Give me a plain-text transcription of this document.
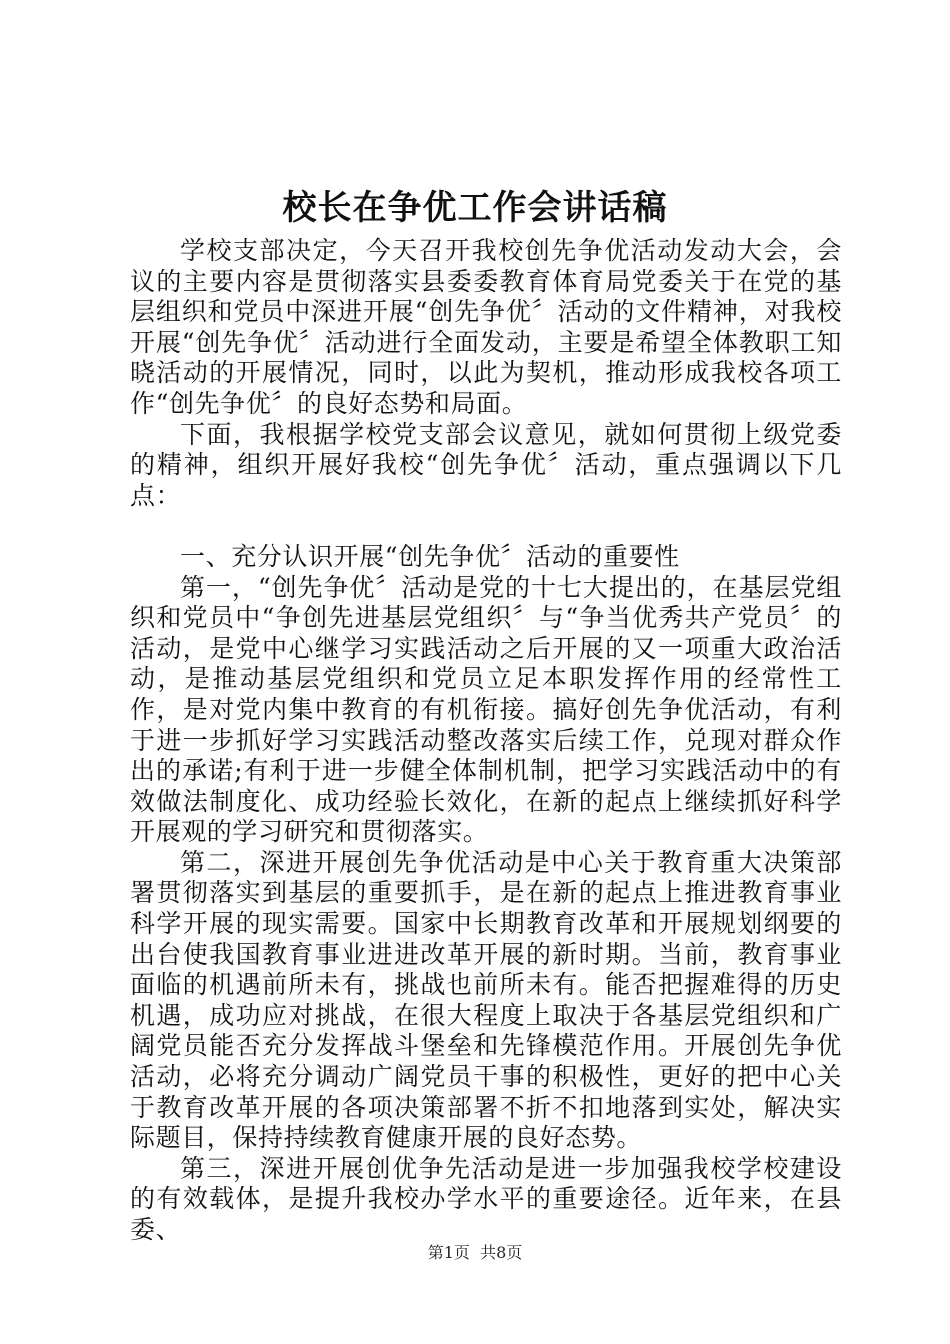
校长在争优工作会讲话稿

学校支部决定，今天召开我校创先争优活动发动大会，会议的主要内容是贯彻落实县委委教育体育局党委关于在党的基层组织和党员中深进开展“创先争优〞活动的文件精神，对我校开展“创先争优〞活动进行全面发动，主要是希望全体教职工知晓活动的开展情况，同时，以此为契机，推动形成我校各项工作“创先争优〞的良好态势和局面。

下面，我根据学校党支部会议意见，就如何贯彻上级党委的精神，组织开展好我校“创先争优〞活动，重点强调以下几点：

一、充分认识开展“创先争优〞活动的重要性

第一，“创先争优〞活动是党的十七大提出的，在基层党组织和党员中“争创先进基层党组织〞与“争当优秀共产党员〞的活动，是党中心继学习实践活动之后开展的又一项重大政治活动，是推动基层党组织和党员立足本职发挥作用的经常性工作，是对党内集中教育的有机衔接。搞好创先争优活动，有利于进一步抓好学习实践活动整改落实后续工作，兑现对群众作出的承诺;有利于进一步健全体制机制，把学习实践活动中的有效做法制度化、成功经验长效化，在新的起点上继续抓好科学开展观的学习研究和贯彻落实。

第二，深进开展创先争优活动是中心关于教育重大决策部署贯彻落实到基层的重要抓手，是在新的起点上推进教育事业科学开展的现实需要。国家中长期教育改革和开展规划纲要的出台使我国教育事业进进改革开展的新时期。当前，教育事业面临的机遇前所未有，挑战也前所未有。能否把握难得的历史机遇，成功应对挑战，在很大程度上取决于各基层党组织和广阔党员能否充分发挥战斗堡垒和先锋模范作用。开展创先争优活动，必将充分调动广阔党员干事的积极性，更好的把中心关于教育改革开展的各项决策部署不折不扣地落到实处，解决实际题目，保持持续教育健康开展的良好态势。

第三，深进开展创优争先活动是进一步加强我校学校建设的有效载体，是提升我校办学水平的重要途径。近年来，在县委、

第1页 共8页
